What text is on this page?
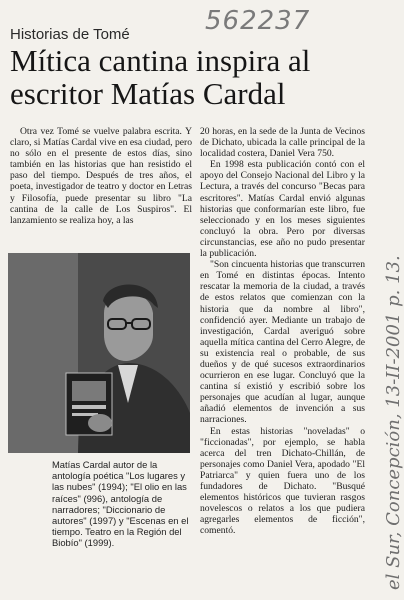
562237
Historias de Tomé
Mítica cantina inspira al escritor Matías Cardal

Otra vez Tomé se vuelve palabra escrita. Y claro, si Matías Cardal vive en esa ciudad, pero no sólo en el presente de estos días, sino también en las historias que han resistido el paso del tiempo. Después de tres años, el poeta, investigador de teatro y doctor en Letras y Filosofía, puede presentar su libro "La cantina de la calle de Los Suspiros". El lanzamiento se realiza hoy, a las

Matías Cardal autor de la antología poética "Los lugares y las nubes" (1994); "El olio en las raíces" (996), antología de narradores; "Diccionario de autores" (1997) y "Escenas en el tiempo. Teatro en la Región del Biobío" (1999).

20 horas, en la sede de la Junta de Vecinos de Dichato, ubicada la calle principal de la localidad costera, Daniel Vera 750.

En 1998 esta publicación contó con el apoyo del Consejo Nacional del Libro y la Lectura, a través del concurso "Becas para escritores". Matías Cardal envió algunas historias que conformarían este libro, fue seleccionado y en los meses siguientes concluyó la obra. Pero por diversas circunstancias, ese año no pudo presentar la publicación.

"Son cincuenta historias que transcurren en Tomé en distintas épocas. Intento rescatar la memoria de la ciudad, a través de estos relatos que comienzan con la historia que da nombre al libro", confidenció ayer. Mediante un trabajo de investigación, Cardal averiguó sobre aquella mítica cantina del Cerro Alegre, de su existencia real o probable, de sus dueños y de qué sucesos extraordinarios ocurrieron en ese lugar. Concluyó que la cantina sí existió y escribió sobre los personajes que acudían al lugar, aunque añadió elementos de invención a sus narraciones.

En estas historias "noveladas" o "ficcionadas", por ejemplo, se habla acerca del tren Dichato-Chillán, de personajes como Daniel Vera, apodado "El Patriarca" y quien fuera uno de los fundadores de Dichato. "Busqué elementos históricos que tuvieran rasgos novelescos o relatos a los que pudiera agregarles elementos de ficción", comentó.	el Sur, Concepción, 13-II-2001 p. 13.
